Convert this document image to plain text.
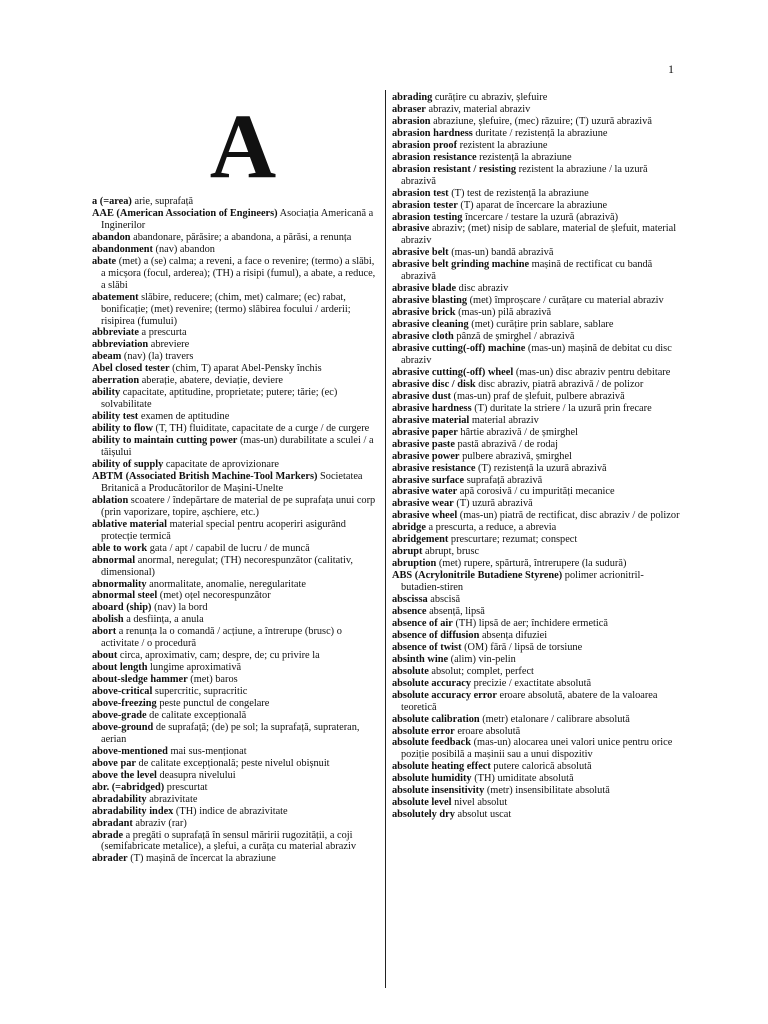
1
A
a (=area) arie, suprafață
AAE (American Association of Engineers) Asociația Americană a Inginerilor
abandon abandonare, părăsire; a abandona, a părăsi, a renunța
abandonment (nav) abandon
abate (met) a (se) calma; a reveni, a face o revenire; (termo) a slăbi, a micșora (focul, arderea); (TH) a risipi (fumul), a abate, a reduce, a slăbi
abatement slăbire, reducere; (chim, met) calmare; (ec) rabat, bonificație; (met) revenire; (termo) slăbirea focului / arderii; risipirea (fumului)
abbreviate a prescurta
abbreviation abreviere
abeam (nav) (la) travers
Abel closed tester (chim, T) aparat Abel-Pensky închis
aberration aberație, abatere, deviație, deviere
ability capacitate, aptitudine, proprietate; putere; tărie; (ec) solvabilitate
ability test examen de aptitudine
ability to flow (T, TH) fluiditate, capacitate de a curge / de curgere
ability to maintain cutting power (mas-un) durabilitate a sculei / a tăișului
ability of supply capacitate de aprovizionare
ABTM (Associated British Machine-Tool Markers) Societatea Britanică a Producătorilor de Mașini-Unelte
ablation scoatere / îndepărtare de material de pe suprafața unui corp (prin vaporizare, topire, așchiere, etc.)
ablative material material special pentru acoperiri asigurând protecție termică
able to work gata / apt / capabil de lucru / de muncă
abnormal anormal, neregulat; (TH) necorespunzător (calitativ, dimensional)
abnormality anormalitate, anomalie, neregularitate
abnormal steel (met) oțel necorespunzător
aboard (ship) (nav) la bord
abolish a desființa, a anula
abort a renunța la o comandă / acțiune, a întrerupe (brusc) o activitate / o procedură
about circa, aproximativ, cam; despre, de; cu privire la
about length lungime aproximativă
about-sledge hammer (met) baros
above-critical supercritic, supracritic
above-freezing peste punctul de congelare
above-grade de calitate excepțională
above-ground de suprafață; (de) pe sol; la suprafață, suprateran, aerian
above-mentioned mai sus-menționat
above par de calitate excepțională; peste nivelul obișnuit
above the level deasupra nivelului
abr. (=abridged) prescurtat
abradability abrazivitate
abradability index (TH) indice de abrazivitate
abradant abraziv (rar)
abrade a pregăti o suprafață în sensul măririi rugozității, a coji (semifabricate metalice), a șlefui, a curăța cu material abraziv
abrader (T) mașină de încercat la abraziune
abrading curățire cu abraziv, șlefuire
abraser abraziv, material abraziv
abrasion abraziune, șlefuire, (mec) răzuire; (T) uzură abrazivă
abrasion hardness duritate / rezistență la abraziune
abrasion proof rezistent la abraziune
abrasion resistance rezistență la abraziune
abrasion resistant / resisting rezistent la abraziune / la uzură abrazivă
abrasion test (T) test de rezistență la abraziune
abrasion tester (T) aparat de încercare la abraziune
abrasion testing încercare / testare la uzură (abrazivă)
abrasive abraziv; (met) nisip de sablare, material de șlefuit, material abraziv
abrasive belt (mas-un) bandă abrazivă
abrasive belt grinding machine mașină de rectificat cu bandă abrazivă
abrasive blade disc abraziv
abrasive blasting (met) împroșcare / curățare cu material abraziv
abrasive brick (mas-un) pilă abrazivă
abrasive cleaning (met) curățire prin sablare, sablare
abrasive cloth pânză de șmirghel / abrazivă
abrasive cutting(-off) machine (mas-un) mașină de debitat cu disc abraziv
abrasive cutting(-off) wheel (mas-un) disc abraziv pentru debitare
abrasive disc / disk disc abraziv, piatră abrazivă / de polizor
abrasive dust (mas-un) praf de șlefuit, pulbere abrazivă
abrasive hardness (T) duritate la striere / la uzură prin frecare
abrasive material material abraziv
abrasive paper hârtie abrazivă / de șmirghel
abrasive paste pastă abrazivă / de rodaj
abrasive power pulbere abrazivă, șmirghel
abrasive resistance (T) rezistență la uzură abrazivă
abrasive surface suprafață abrazivă
abrasive water apă corosivă / cu impurități mecanice
abrasive wear (T) uzură abrazivă
abrasive wheel (mas-un) piatră de rectificat, disc abraziv / de polizor
abridge a prescurta, a reduce, a abrevia
abridgement prescurtare; rezumat; conspect
abrupt abrupt, brusc
abruption (met) rupere, spărtură, întrerupere (la sudură)
ABS (Acrylonitrile Butadiene Styrene) polimer acrionitril-butadien-stiren
abscissa abscisă
absence absență, lipsă
absence of air (TH) lipsă de aer; închidere ermetică
absence of diffusion absența difuziei
absence of twist (OM) fără / lipsă de torsiune
absinth wine (alim) vin-pelin
absolute absolut; complet, perfect
absolute accuracy precizie / exactitate absolută
absolute accuracy error eroare absolută, abatere de la valoarea teoretică
absolute calibration (metr) etalonare / calibrare absolută
absolute error eroare absolută
absolute feedback (mas-un) alocarea unei valori unice pentru orice poziție posibilă a mașinii sau a unui dispozitiv
absolute heating effect putere calorică absolută
absolute humidity (TH) umiditate absolută
absolute insensitivity (metr) insensibilitate absolută
absolute level nivel absolut
absolutely dry absolut uscat
